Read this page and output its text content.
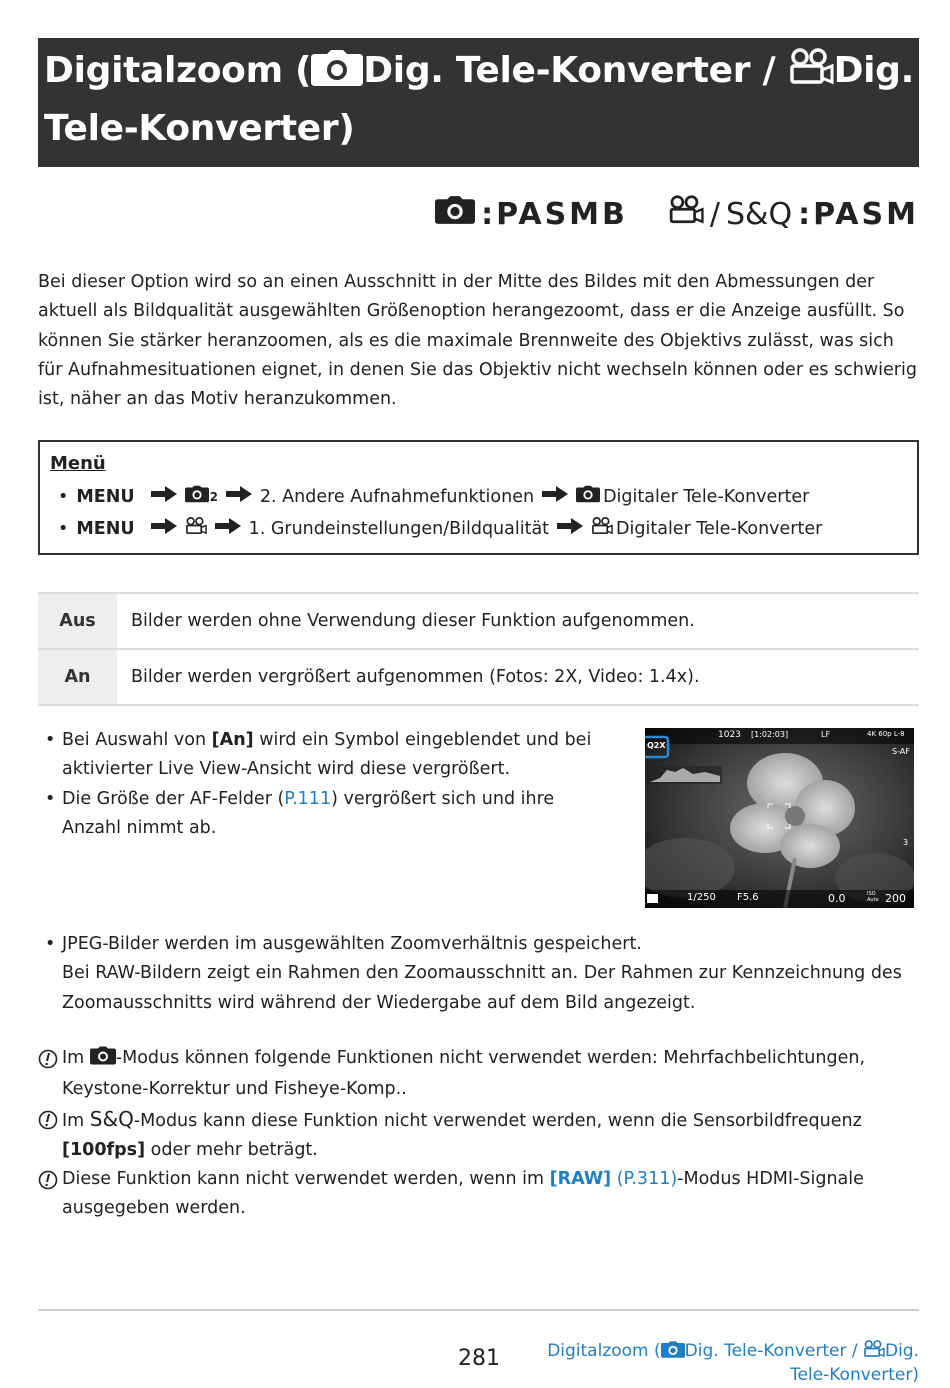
Digitalzoom ( Dig. Tele-Konverter / Dig.
Tele-Konverter)
:PASMB	/ S&Q :PASM
Bei dieser Option wird so an einen Ausschnitt in der Mitte des Bildes mit den Abmessungen der aktuell als Bildqualität ausgewählten Größenoption herangezoomt, dass er die Anzeige ausfüllt. So können Sie stärker heranzoomen, als es die maximale Brennweite des Objektivs zulässt, was sich für Aufnahmesituationen eignet, in denen Sie das Objektiv nicht wechseln können oder es schwierig ist, näher an das Motiv heranzukommen.
Menü
• MENU	2 2. Andere Aufnahmefunktionen	Digitaler Tele-Konverter
• MENU	1. Grundeinstellungen/Bildqualität	Digitaler Tele-Konverter
Aus	Bilder werden ohne Verwendung dieser Funktion aufgenommen.
An	Bilder werden vergrößert aufgenommen (Fotos: 2X, Video: 1.4x).
• Bei Auswahl von [An] wird ein Symbol eingeblendet und bei aktivierter Live View-Ansicht wird diese vergrößert.
• Die Größe der AF-Felder (P.111) vergrößert sich und ihre Anzahl nimmt ab.
Q2X
1023 [1:02:03]	LF	4K 60p L-8
S-AF
3
1/250 F5.6	0.0	ISO Auto 200
• JPEG-Bilder werden im ausgewählten Zoomverhältnis gespeichert.
Bei RAW-Bildern zeigt ein Rahmen den Zoomausschnitt an. Der Rahmen zur Kennzeichnung des Zoomausschnitts wird während der Wiedergabe auf dem Bild angezeigt.
Im -Modus können folgende Funktionen nicht verwendet werden: Mehrfachbelichtungen, Keystone-Korrektur und Fisheye-Komp..
Im S&Q-Modus kann diese Funktion nicht verwendet werden, wenn die Sensorbildfrequenz [100fps] oder mehr beträgt.
Diese Funktion kann nicht verwendet werden, wenn im [RAW] (P.311)-Modus HDMI-Signale ausgegeben werden.
281	Digitalzoom ( Dig. Tele-Konverter / Dig.
Tele-Konverter)
